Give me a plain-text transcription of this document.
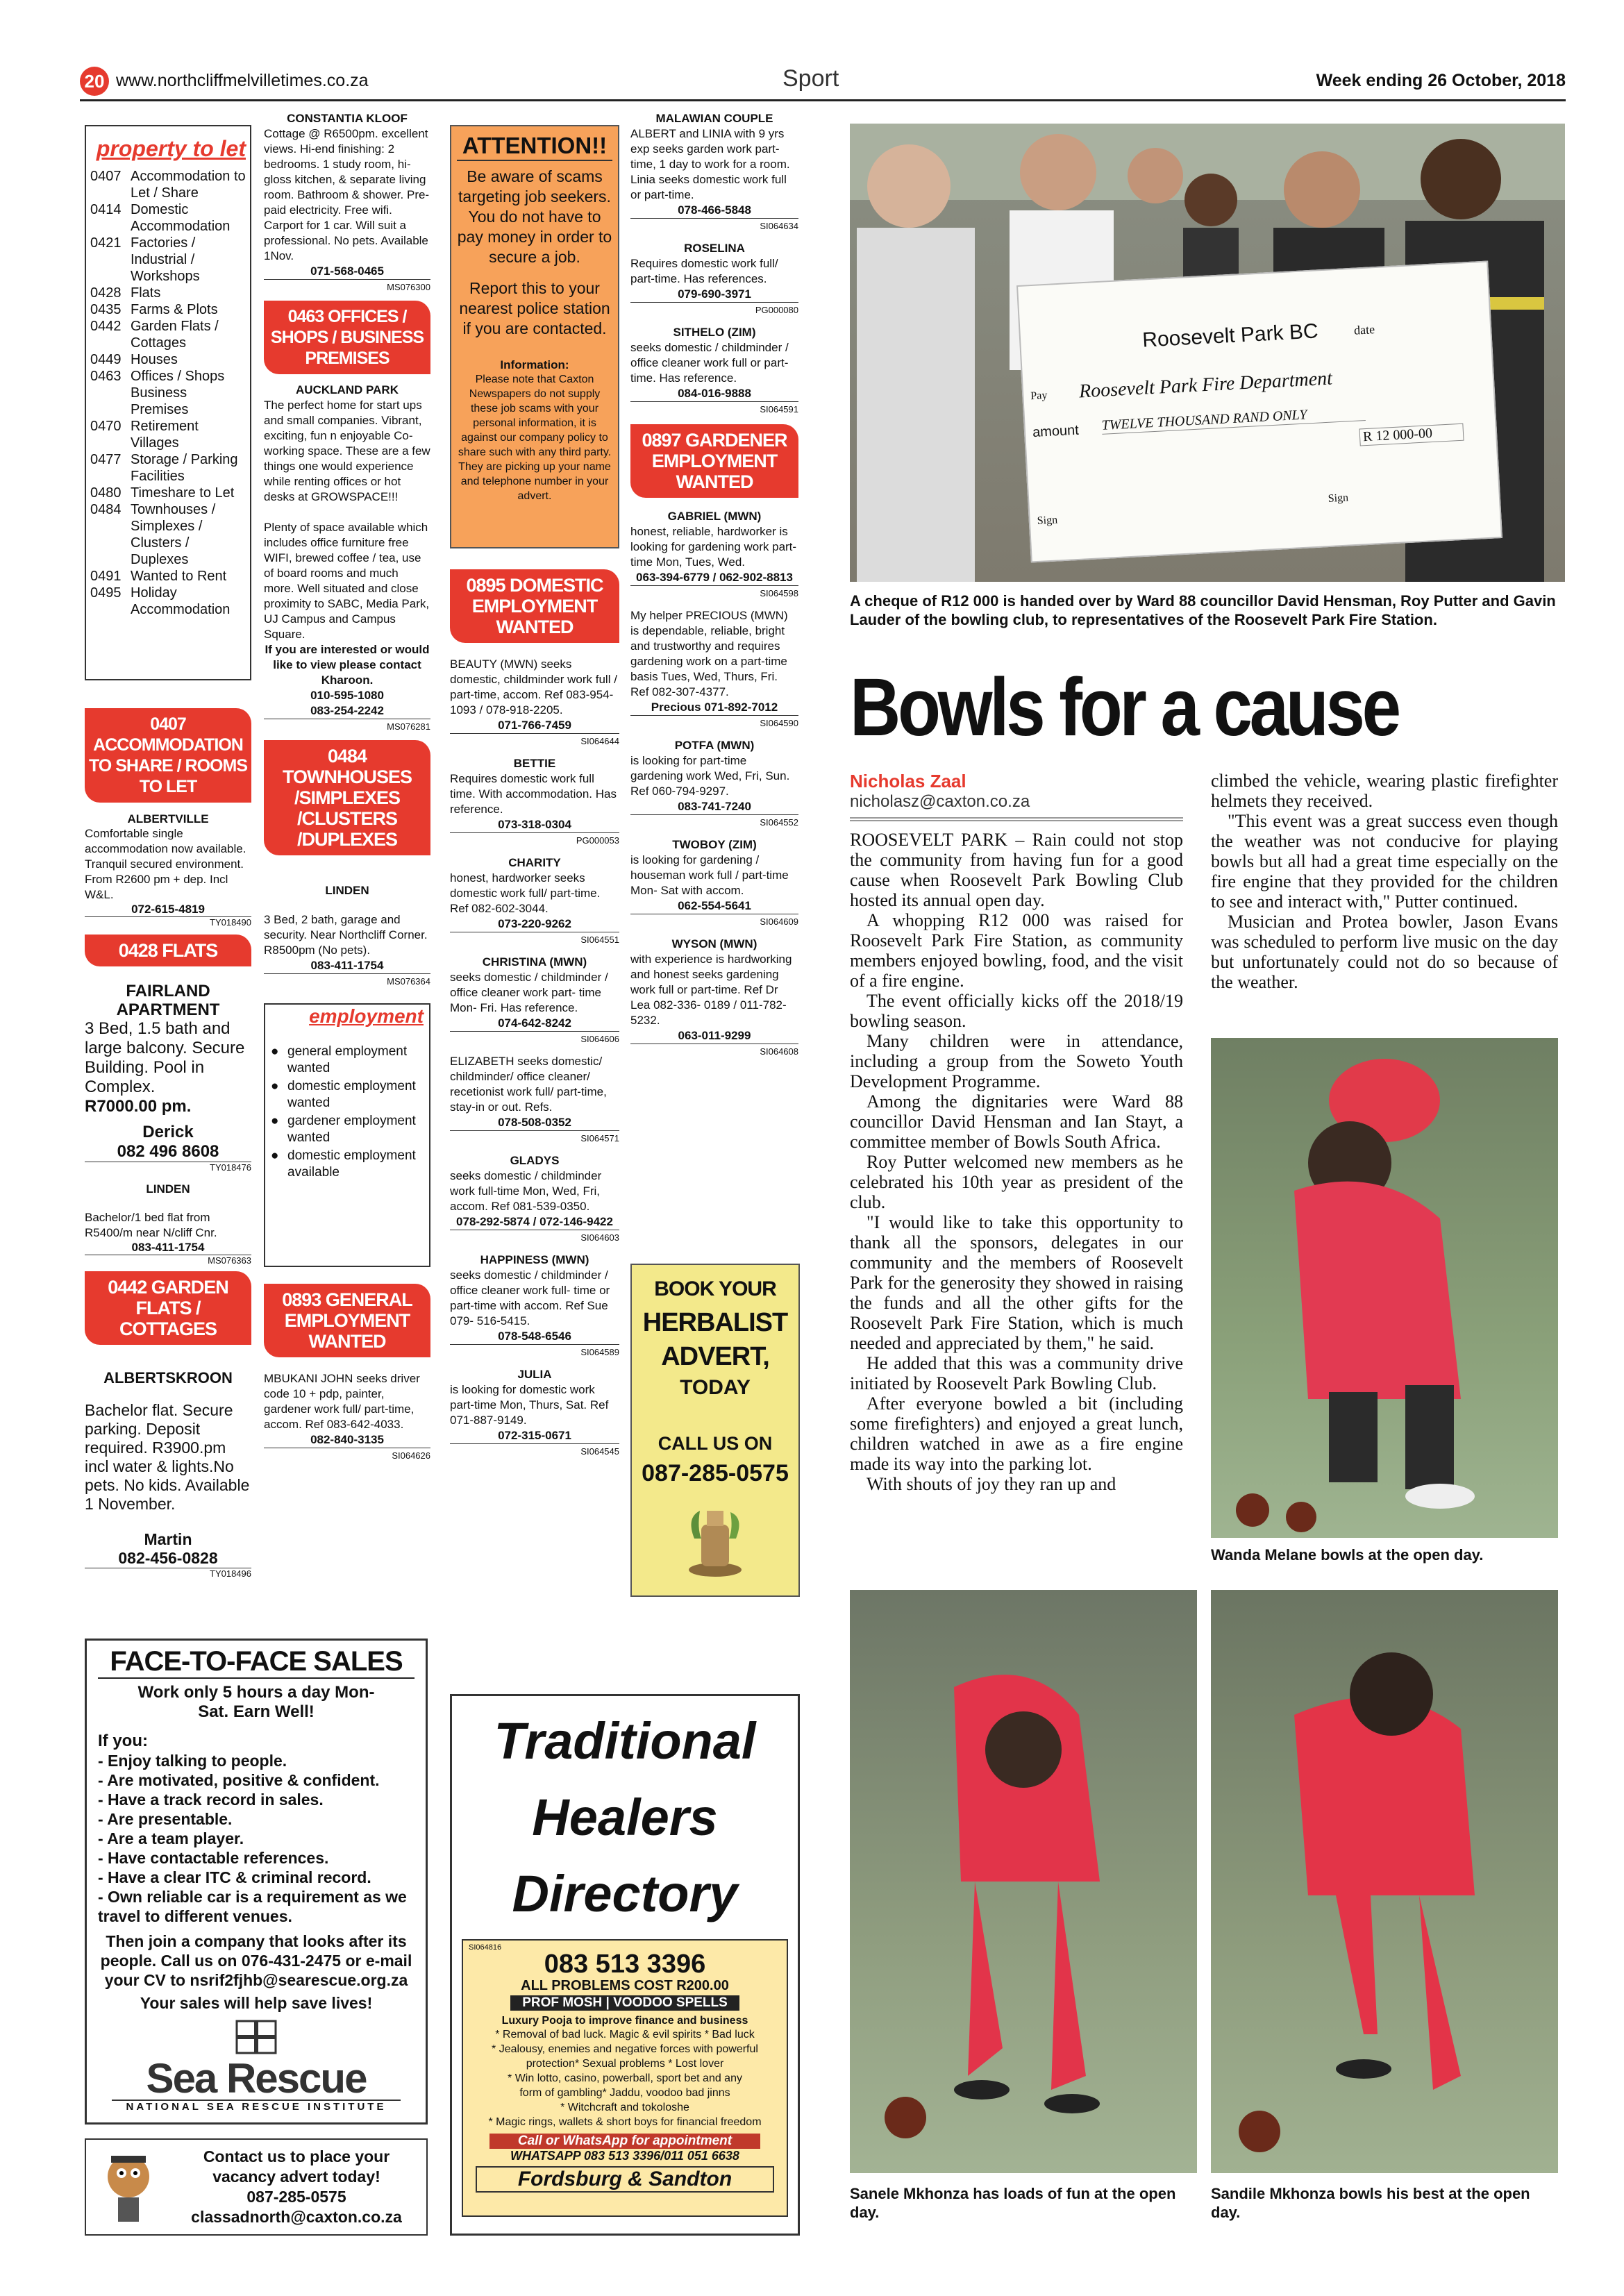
20 www.northcliffmelvilletimes.co.za	Sport	Week ending 26 October, 2018
property to let
0407 Accommodation to Let / Share
0414 Domestic Accommodation
0421 Factories / Industrial / Workshops
0428 Flats
0435 Farms & Plots
0442 Garden Flats / Cottages
0449 Houses
0463 Offices / Shops Business Premises
0470 Retirement Villages
0477 Storage / Parking Facilities
0480 Timeshare to Let
0484 Townhouses / Simplexes / Clusters / Duplexes
0491 Wanted to Rent
0495 Holiday Accommodation
0407 ACCOMMODATION TO SHARE / ROOMS TO LET
ALBERTVILLE
Comfortable single accommodation now available. Tranquil secured environment. From R2600 pm + dep. Incl W&L.
072-615-4819
TY018490
0428 FLATS
FAIRLAND APARTMENT
3 Bed, 1.5 bath and large balcony. Secure Building. Pool in Complex.
R7000.00 pm.
Derick
082 496 8608
TY018476
LINDEN
Bachelor/1 bed flat from R5400/m near N/cliff Cnr.
083-411-1754
MS076363
0442 GARDEN FLATS / COTTAGES
ALBERTSKROON
Bachelor flat. Secure parking. Deposit required. R3900.pm incl water & lights.No pets. No kids. Available 1 November.
Martin
082-456-0828
TY018496
CONSTANTIA KLOOF
Cottage @ R6500pm. excellent views. Hi-end finishing: 2 bedrooms. 1 study room, hi-gloss kitchen, & separate living room. Bathroom & shower. Pre-paid electricity. Free wifi. Carport for 1 car. Will suit a professional. No pets. Available 1Nov.
071-568-0465
MS076300
0463 OFFICES / SHOPS / BUSINESS PREMISES
AUCKLAND PARK
The perfect home for start ups and small companies. Vibrant, exciting, fun n enjoyable Co-working space. These are a few things one would experience while renting offices or hot desks at GROWSPACE!!!
Plenty of space available which includes office furniture free WIFI, brewed coffee / tea, use of board rooms and much more. Well situated and close proximity to SABC, Media Park, UJ Campus and Campus Square.
If you are interested or would like to view please contact Kharoon.
010-595-1080
083-254-2242
MS076281
0484 TOWNHOUSES /SIMPLEXES /CLUSTERS /DUPLEXES
LINDEN
3 Bed, 2 bath, garage and security. Near Northcliff Corner. R8500pm (No pets).
083-411-1754
MS076364
employment
● general employment wanted
● domestic employment wanted
● gardener employment wanted
● domestic employment available
0893 GENERAL EMPLOYMENT WANTED
MBUKANI JOHN seeks driver code 10 + pdp, painter, gardener work full/ part-time, accom. Ref 083-642-4033.
082-840-3135
SI064626
ATTENTION!!
Be aware of scams targeting job seekers. You do not have to pay money in order to secure a job.
Report this to your nearest police station if you are contacted.
Information:
Please note that Caxton Newspapers do not supply these job scams with your personal information, it is against our company policy to share such with any third party. They are picking up your name and telephone number in your advert.
0895 DOMESTIC EMPLOYMENT WANTED
BEAUTY (MWN) seeks domestic, childminder work full / part-time, accom. Ref 083-954-1093 / 078-918-2205.
071-766-7459
SI064644
BETTIE
Requires domestic work full time. With accommodation. Has reference.
073-318-0304
PG000053
CHARITY
honest, hardworker seeks domestic work full/ part-time. Ref 082-602-3044.
073-220-9262
SI064551
CHRISTINA (MWN)
seeks domestic / childminder / office cleaner work part- time Mon- Fri. Has reference.
074-642-8242
SI064606
ELIZABETH seeks domestic/ childminder/ office cleaner/ recetionist work full/ part-time, stay-in or out. Refs.
078-508-0352
SI064571
GLADYS
seeks domestic / childminder work full-time Mon, Wed, Fri, accom. Ref 081-539-0350.
078-292-5874 / 072-146-9422
SI064603
HAPPINESS (MWN)
seeks domestic / childminder / office cleaner work full- time or part-time with accom. Ref Sue 079- 516-5415.
078-548-6546
SI064589
JULIA
is looking for domestic work part-time Mon, Thurs, Sat. Ref 071-887-9149.
072-315-0671
SI064545
MALAWIAN COUPLE
ALBERT and LINIA with 9 yrs exp seeks garden work part-time, 1 day to work for a room. Linia seeks domestic work full or part-time.
078-466-5848
SI064634
ROSELINA
Requires domestic work full/ part-time. Has references.
079-690-3971
PG000080
SITHELO (ZIM)
seeks domestic / childminder / office cleaner work full or part-time. Has reference.
084-016-9888
SI064591
0897 GARDENER EMPLOYMENT WANTED
GABRIEL (MWN)
honest, reliable, hardworker is looking for gardening work part- time Mon, Tues, Wed.
063-394-6779 / 062-902-8813
SI064598
My helper PRECIOUS (MWN) is dependable, reliable, bright and trustworthy and requires gardening work on a part-time basis Tues, Wed, Thurs, Fri. Ref 082-307-4377.
Precious 071-892-7012
SI064590
POTFA (MWN)
is looking for part-time gardening work Wed, Fri, Sun. Ref 060-794-9297.
083-741-7240
SI064552
TWOBOY (ZIM)
is looking for gardening / houseman work full / part-time Mon- Sat with accom.
062-554-5641
SI064609
WYSON (MWN)
with experience is hardworking and honest seeks gardening work full or part-time. Ref Dr Lea 082-336- 0189 / 011-782-5232.
063-011-9299
SI064608
BOOK YOUR
HERBALIST
ADVERT,
TODAY
CALL US ON
087-285-0575
FACE-TO-FACE SALES
Work only 5 hours a day Mon-Sat. Earn Well!
If you:
- Enjoy talking to people.
- Are motivated, positive & confident.
- Have a track record in sales.
- Are presentable.
- Are a team player.
- Have contactable references.
- Have a clear ITC & criminal record.
- Own reliable car is a requirement as we travel to different venues.
Then join a company that looks after its people. Call us on 076-431-2475 or e-mail your CV to nsrif2fjhb@searescue.org.za
Your sales will help save lives!
Sea Rescue
NATIONAL SEA RESCUE INSTITUTE
Contact us to place your
vacancy advert today!
087-285-0575
classadnorth@caxton.co.za
Traditional
Healers
Directory
SI064816
083 513 3396
ALL PROBLEMS COST R200.00
PROF MOSH | VOODOO SPELLS
Luxury Pooja to improve finance and business
* Removal of bad luck. Magic & evil spirits * Bad luck
* Jealousy, enemies and negative forces with powerful
protection* Sexual problems * Lost lover
* Win lotto, casino, powerball, sport bet and any
form of gambling* Jaddu, voodoo bad jinns
* Witchcraft and tokoloshe
* Magic rings, wallets & short boys for financial freedom
Call or WhatsApp for appointment
WHATSAPP 083 513 3396/011 051 6638
Fordsburg & Sandton
Roosevelt Park BC	date
Pay Roosevelt Park Fire Department
amount TWELVE THOUSAND RAND ONLY
R 12 000-00
Sign
Sign
A cheque of R12 000 is handed over by Ward 88 councillor David Hensman, Roy Putter and Gavin Lauder of the bowling club, to representatives of the Roosevelt Park Fire Station.
Bowls for a cause
Nicholas Zaal
nicholasz@caxton.co.za

ROOSEVELT PARK – Rain could not stop the community from having fun for a good cause when Roosevelt Park Bowling Club hosted its annual open day.

A whopping R12 000 was raised for Roosevelt Park Fire Station, as community members enjoyed bowling, food, and the visit of a fire engine.

The event officially kicks off the 2018/19 bowling season.

Many children were in attendance, including a group from the Soweto Youth Development Programme.

Among the dignitaries were Ward 88 councillor David Hensman and Ian Stayt, a committee member of Bowls South Africa.

Roy Putter welcomed new members as he celebrated his 10th year as president of the club.

"I would like to take this opportunity to thank all the sponsors, delegates in our community and the members of Roosevelt Park for the generosity they showed in raising the funds and all the other gifts for the Roosevelt Park Fire Station, which is much needed and appreciated by them," he said.

He added that this was a community drive initiated by Roosevelt Park Bowling Club.

After everyone bowled a bit (including some firefighters) and enjoyed a great lunch, children watched in awe as a fire engine made its way into the parking lot.

With shouts of joy they ran up and

climbed the vehicle, wearing plastic firefighter helmets they received.

"This event was a great success even though the weather was not conducive for playing bowls but all had a great time especially on the fire engine that they provided for the children to see and interact with," Putter continued.

Musician and Protea bowler, Jason Evans was scheduled to perform live music on the day but unfortunately could not do so because of the weather.

Wanda Melane bowls at the open day.
Sanele Mkhonza has loads of fun at the open day.
Sandile Mkhonza bowls his best at the open day.
